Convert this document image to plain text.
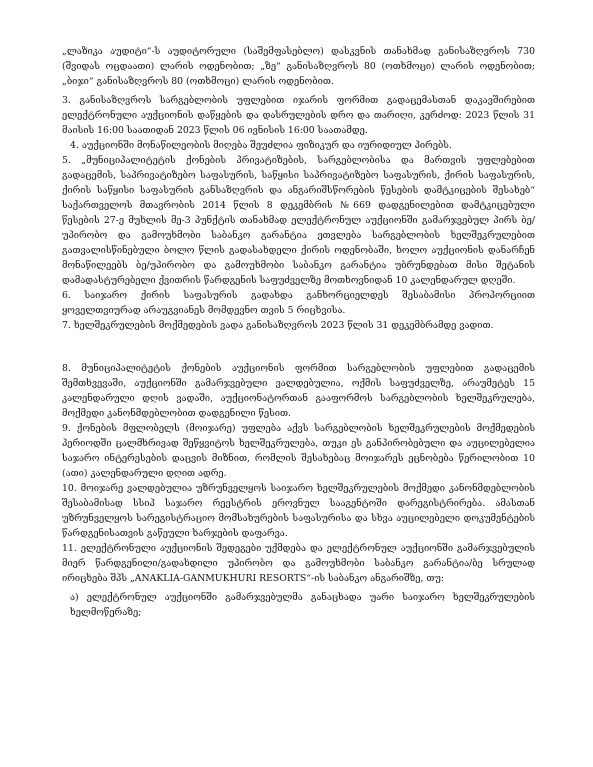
„ლაზიკა აუდიტი“-ს აუდიტორული (საშემფასებლო) დასკვნის თანახმად განისაზღვროს 730 (შვიდას ოცდაათი) ლარის ოდენობით; „ზე“ განისაზღვროს 80 (ოთხმოცი) ლარის ოდენობით; „ბიჯი“ განისაზღვროს 80 (ოთხმოცი) ლარის ოდენობით.

3. განისაზღვროს სარგებლობის უფლებით იჯარის ფორმით გადაცემასთან დაკავშირებით ელექტრონული აუქციონის დაწყების და დასრულების დრო და თარიღი, კერძოდ: 2023 წლის 31 მაისის 16:00 საათიდან 2023 წლის 06 ივნისის 16:00 საათამდე.

4. აუქციონში მონაწილეობის მიღება შეუძლია ფიზიკურ და იურიდიულ პირებს.

5. „მუნიციპალიტეტის ქონების პრივატიზების, სარგებლობისა და მართვის უფლებებით გადაცემის, საპრივატიზებო საფასურის, საწყისი საპრივატიზებო საფასურის, ქირის საფასურის, ქირის საწყისი საფასურის განსაზღვრის და ანგარიშსწორების წესების დამტკიცების შესახებ“ საქართველოს მთავრობის 2014 წლის 8 დეკემბრის №669 დადგენილებით დამტკიცებული წესების 27-ე მუხლის მე-3 პუნქტის თანახმად ელექტრონულ აუქციონში გამარჯვებულ პირს ბე/უპირობო და გამოუხმობი საბანკო გარანტია ეთვლება სარგებლობის ხელშეკრულებით გათვალისწინებული ბოლო წლის გადასახდელი ქირის ოდენობაში, ხოლო აუქციონის დანარჩენ მონაწილეებს ბე/უპირობო და გამოუხმობი საბანკო გარანტია უბრუნდებათ მისი შეტანის დამადასტურებელი ქვითრის წარდგენის საფუძველზე მოთხოვნიდან 10 კალენდარულ დღეში.

6. საიჯარო ქირის საფასურის გადახდა განხორციელდეს შესაბამისი პროპორციით ყოველთვიურად არაუგვიანეს მომდევნო თვის 5 რიცხვისა.

7. ხელშეკრულების მოქმედების ვადა განისაზღვროს 2023 წლის 31 დეკემბრამდე ვადით.

8. მუნიციპალიტეტის ქონების აუქციონის ფორმით სარგებლობის უფლებით გადაცემის შემთხვევაში, აუქციონში გამარჯვებული ვალდებულია, ოქმის საფუძველზე, არაუმეტეს 15 კალენდარული დღის ვადაში, აუქციონატორთან გააფორმოს სარგებლობის ხელშეკრულება, მოქმედი კანონმდებლობით დადგენილი წესით.

9. ქონების მფლობელს (მოიჯარე) უფლება აქვს სარგებლობის ხელშეკრულების მოქმედების პერიოდში ცალმხრივად შეწყვიტოს ხელშეკრულება, თუკი ეს განპირობებული და აუცილებელია საჯარო ინტერესების დაცვის მიზნით, რომლის შესახებაც მოიჯარეს ეცნობება წერილობით 10 (ათი) კალენდარული დღით ადრე.

10. მოიჯარე ვალდებულია უზრუნველყოს საიჯარო ხელშეკრულების მოქმედი კანონმდებლობის შესაბამისად სსიპ საჯარო რეესტრის ეროვნულ სააგენტოში დარეგისტრირება. ამასთან უზრუნველყოს სარეგისტრაციო მომსახურების საფასურისა და სხვა აუცილებელი დოკუმენტების წარდგენისათვის გაწეული ხარჯების დაფარვა.

11. ელექტრონული აუქციონის შედეგები უქმდება და ელექტრონულ აუქციონში გამარჯვებულის მიერ წარდგენილი/გადახდილი უპირობო და გამოუხმობი საბანკო გარანტია/ბე სრულად ირიცხება შპს „ANAKLIA-GANMUKHURI RESORTS“-ის საბანკო ანგარიშზე, თუ:

ა) ელექტრონულ აუქციონში გამარჯვებულმა განაცხადა უარი საიჯარო ხელშეკრულების ხელმოწერაზე;
